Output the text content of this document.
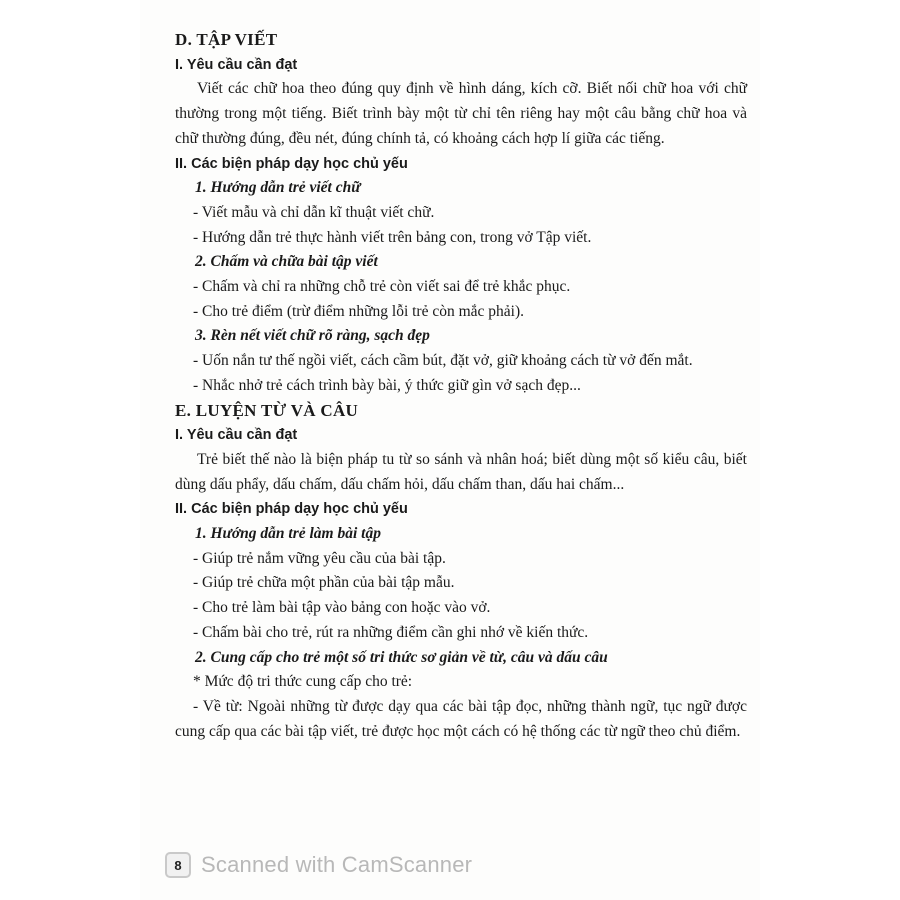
D. TẬP VIẾT

I. Yêu cầu cần đạt

Viết các chữ hoa theo đúng quy định về hình dáng, kích cỡ. Biết nối chữ hoa với chữ thường trong một tiếng. Biết trình bày một từ chỉ tên riêng hay một câu bằng chữ hoa và chữ thường đúng, đều nét, đúng chính tả, có khoảng cách hợp lí giữa các tiếng.

II. Các biện pháp dạy học chủ yếu

1. Hướng dẫn trẻ viết chữ

- Viết mẫu và chỉ dẫn kĩ thuật viết chữ.

- Hướng dẫn trẻ thực hành viết trên bảng con, trong vở Tập viết.

2. Chấm và chữa bài tập viết

- Chấm và chỉ ra những chỗ trẻ còn viết sai để trẻ khắc phục.

- Cho trẻ điểm (trừ điểm những lỗi trẻ còn mắc phải).

3. Rèn nết viết chữ rõ ràng, sạch đẹp

- Uốn nắn tư thế ngồi viết, cách cầm bút, đặt vở, giữ khoảng cách từ vở đến mắt.

- Nhắc nhở trẻ cách trình bày bài, ý thức giữ gìn vở sạch đẹp...

E. LUYỆN TỪ VÀ CÂU

I. Yêu cầu cần đạt

Trẻ biết thế nào là biện pháp tu từ so sánh và nhân hoá; biết dùng một số kiểu câu, biết dùng dấu phẩy, dấu chấm, dấu chấm hỏi, dấu chấm than, dấu hai chấm...

II. Các biện pháp dạy học chủ yếu

1. Hướng dẫn trẻ làm bài tập

- Giúp trẻ nắm vững yêu cầu của bài tập.

- Giúp trẻ chữa một phần của bài tập mẫu.

- Cho trẻ làm bài tập vào bảng con hoặc vào vở.

- Chấm bài cho trẻ, rút ra những điểm cần ghi nhớ về kiến thức.

2. Cung cấp cho trẻ một số tri thức sơ giản về từ, câu và dấu câu

* Mức độ tri thức cung cấp cho trẻ:

- Về từ: Ngoài những từ được dạy qua các bài tập đọc, những thành ngữ, tục ngữ được cung cấp qua các bài tập viết, trẻ được học một cách có hệ thống các từ ngữ theo chủ điểm.

8 Scanned with CamScanner
